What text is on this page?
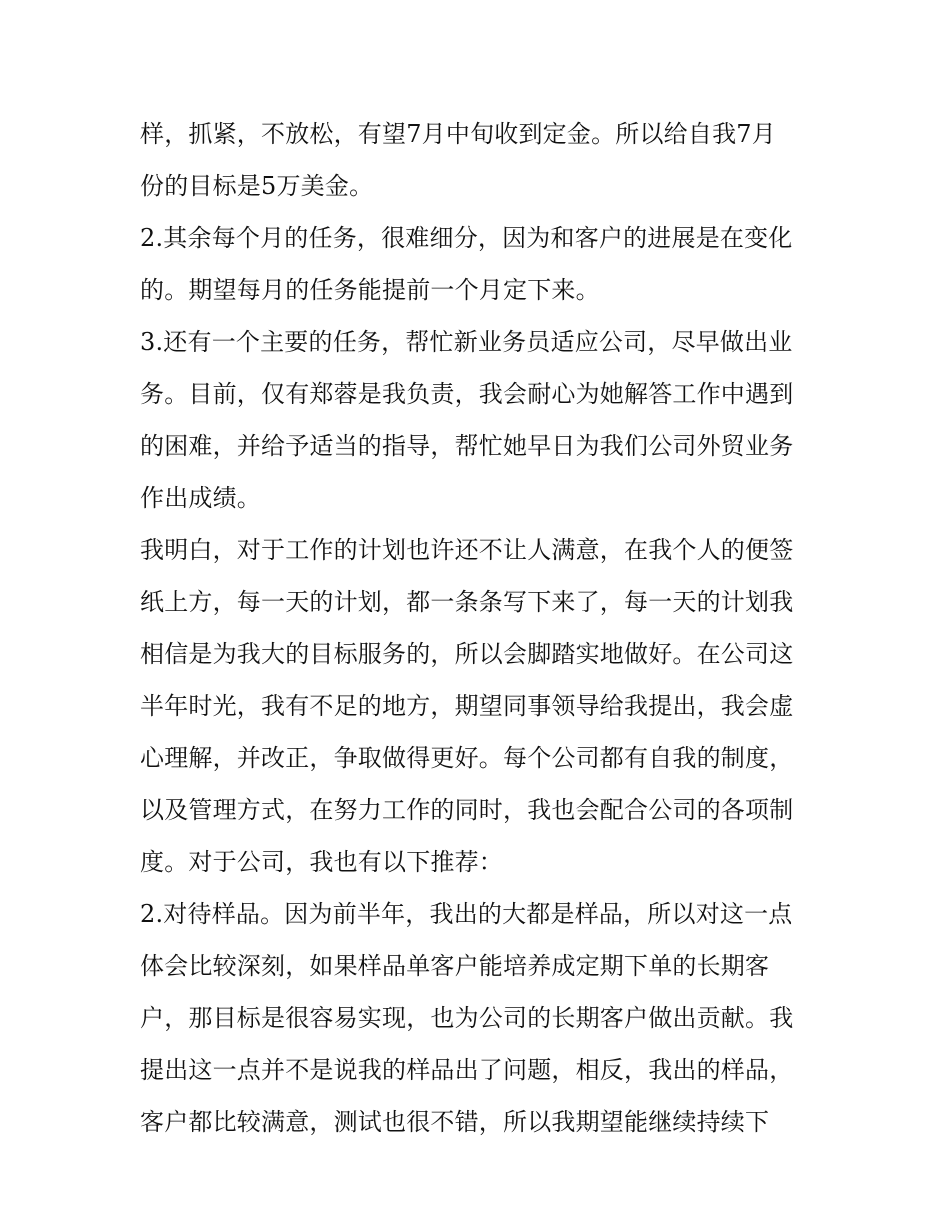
样，抓紧，不放松，有望7月中旬收到定金。所以给自我7月
份的目标是5万美金。
2.其余每个月的任务，很难细分，因为和客户的进展是在变化
的。期望每月的任务能提前一个月定下来。
3.还有一个主要的任务，帮忙新业务员适应公司，尽早做出业
务。目前，仅有郑蓉是我负责，我会耐心为她解答工作中遇到
的困难，并给予适当的指导，帮忙她早日为我们公司外贸业务
作出成绩。
我明白，对于工作的计划也许还不让人满意，在我个人的便签
纸上方，每一天的计划，都一条条写下来了，每一天的计划我
相信是为我大的目标服务的，所以会脚踏实地做好。在公司这
半年时光，我有不足的地方，期望同事领导给我提出，我会虚
心理解，并改正，争取做得更好。每个公司都有自我的制度，
以及管理方式，在努力工作的同时，我也会配合公司的各项制
度。对于公司，我也有以下推荐：
2.对待样品。因为前半年，我出的大都是样品，所以对这一点
体会比较深刻，如果样品单客户能培养成定期下单的长期客
户，那目标是很容易实现，也为公司的长期客户做出贡献。我
提出这一点并不是说我的样品出了问题，相反，我出的样品，
客户都比较满意，测试也很不错，所以我期望能继续持续下
